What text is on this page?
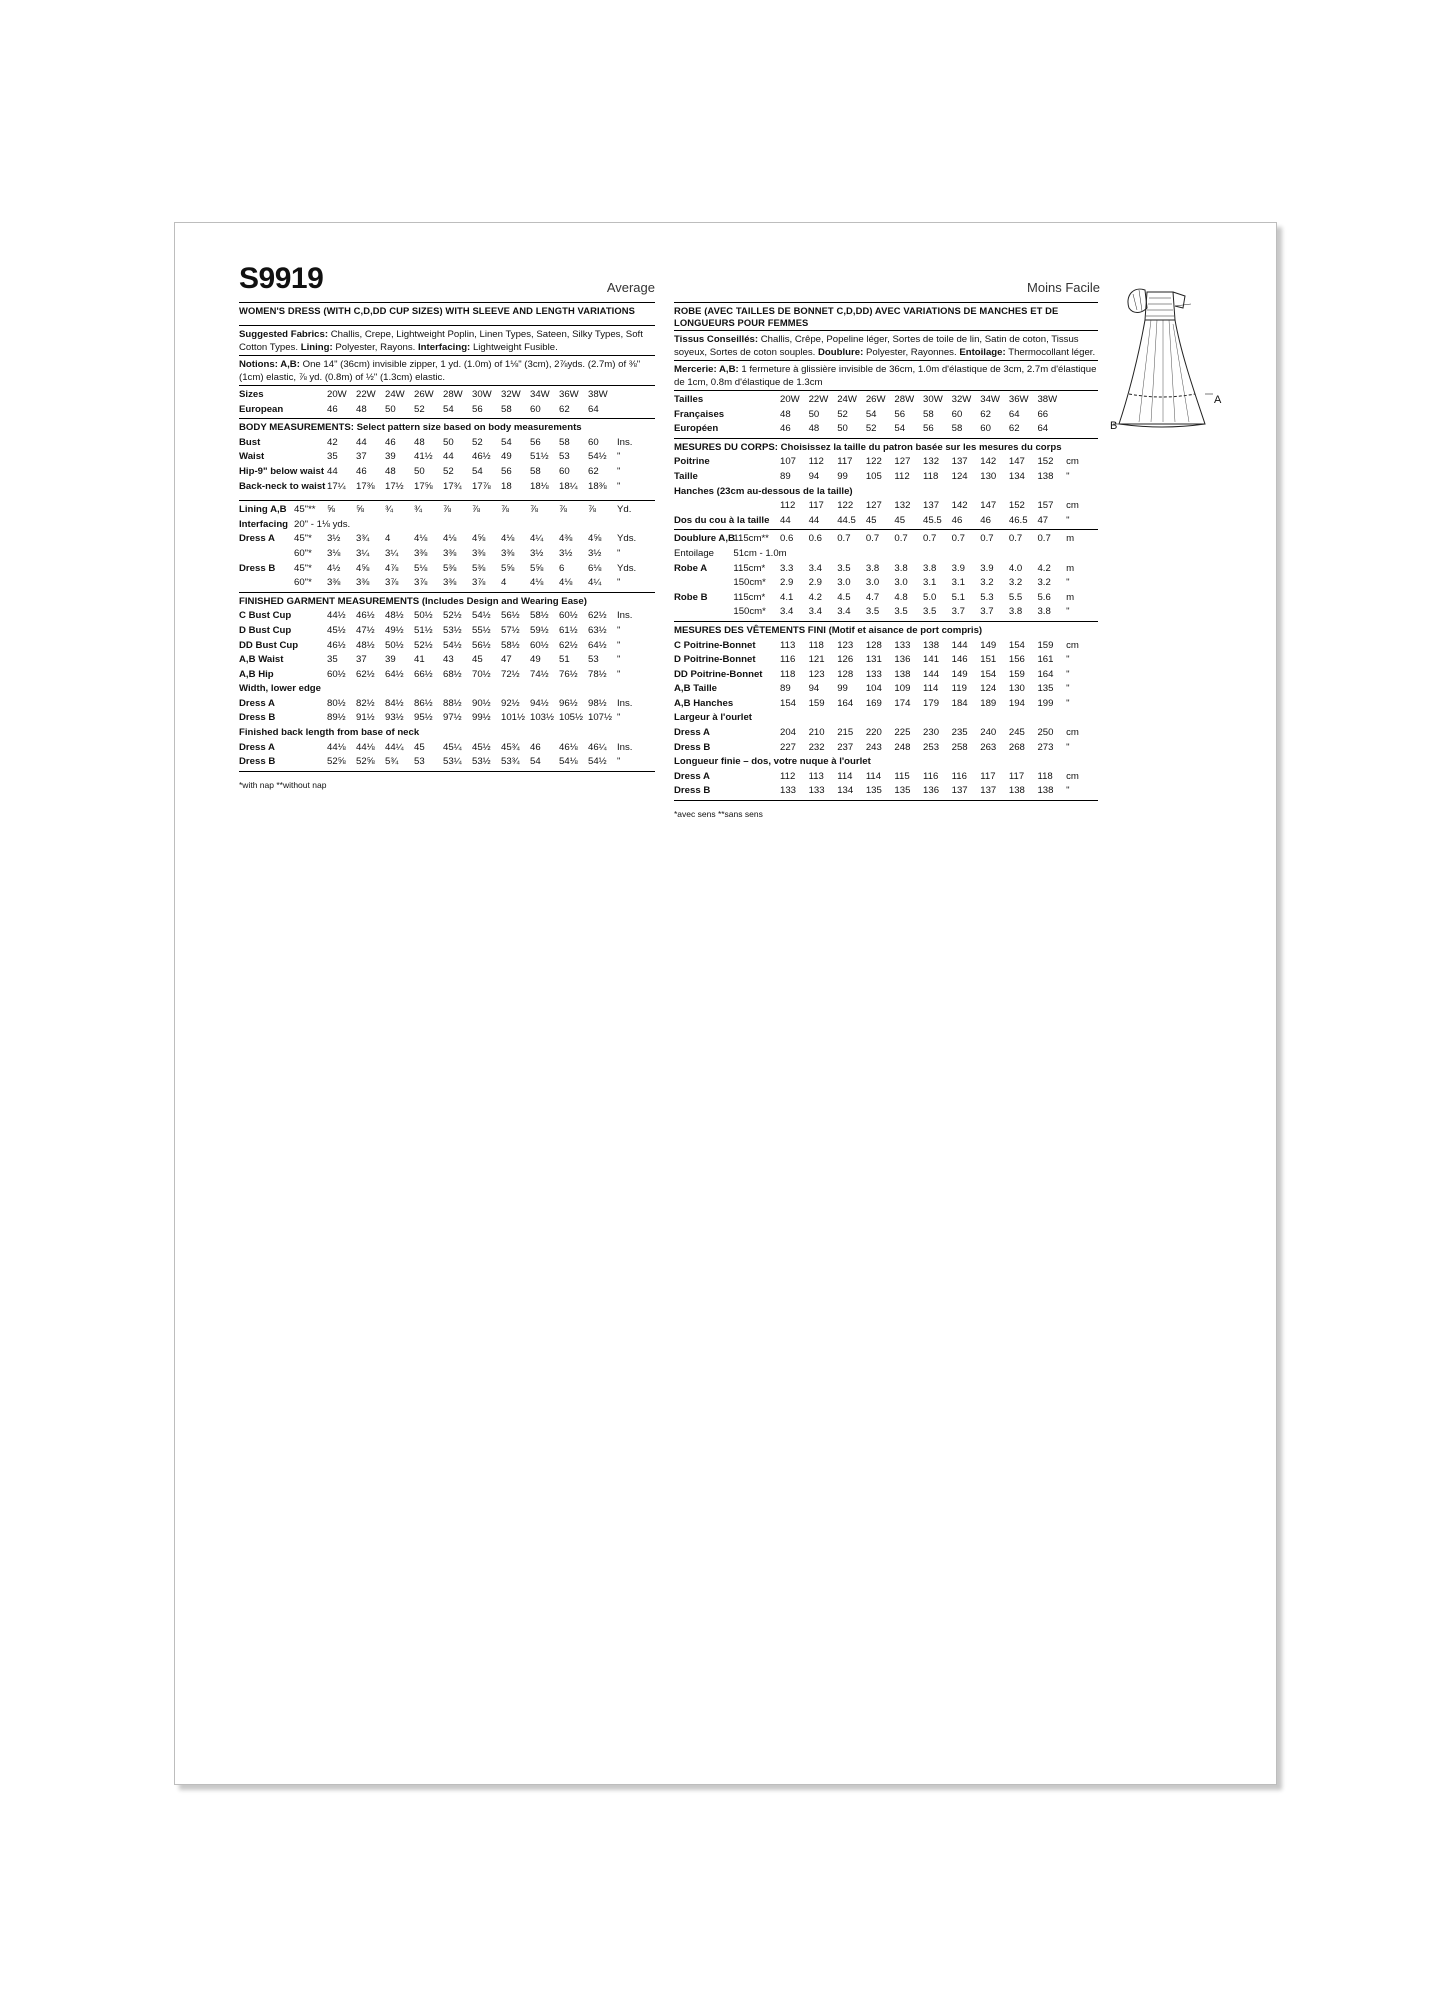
S9919	Average	Moins Facile
WOMEN'S DRESS (WITH C,D,DD CUP SIZES) WITH SLEEVE AND LENGTH VARIATIONS
Suggested Fabrics: Challis, Crepe, Lightweight Poplin, Linen Types, Sateen, Silky Types, Soft Cotton Types. Lining: Polyester, Rayons. Interfacing: Lightweight Fusible.
Notions: A,B: One 14" (36cm) invisible zipper, 1 yd. (1.0m) of 1⅛" (3cm), 2⅞yds. (2.7m) of ⅜" (1cm) elastic, ⅞ yd. (0.8m) of ½" (1.3cm) elastic.
Sizes	20W	22W	24W	26W	28W	30W	32W	34W	36W	38W	
European	46	48	50	52	54	56	58	60	62	64	
BODY MEASUREMENTS: Select pattern size based on body measurements
Bust	42	44	46	48	50	52	54	56	58	60	Ins.
Waist	35	37	39	41½	44	46½	49	51½	53	54½	"
Hip-9" below waist	44	46	48	50	52	54	56	58	60	62	"
Back-neck to waist	17¼	17⅜	17½	17⅝	17¾	17⅞	18	18⅛	18¼	18⅜	"
Lining A,B	45"**	⅝	⅝	¾	¾	⅞	⅞	⅞	⅞	⅞	⅞	Yd.
Interfacing	20" - 1⅛ yds.											
Dress A	45"*	3½	3¾	4	4⅛	4⅛	4⅝	4⅛	4¼	4⅜	4⅝	Yds.
	60"*	3⅛	3¼	3¼	3⅜	3⅜	3⅜	3⅜	3½	3½	3½	"
Dress B	45"*	4½	4⅝	4⅞	5⅛	5⅜	5⅜	5⅝	5⅝	6	6⅛	Yds.
	60"*	3⅜	3⅜	3⅞	3⅞	3⅜	3⅞	4	4⅛	4⅛	4¼	"
FINISHED GARMENT MEASUREMENTS (Includes Design and Wearing Ease)
C Bust Cup	44½	46½	48½	50½	52½	54½	56½	58½	60½	62½	Ins.
D Bust Cup	45½	47½	49½	51½	53½	55½	57½	59½	61½	63½	"
DD Bust Cup	46½	48½	50½	52½	54½	56½	58½	60½	62½	64½	"
A,B Waist	35	37	39	41	43	45	47	49	51	53	"
A,B Hip	60½	62½	64½	66½	68½	70½	72½	74½	76½	78½	"
Width, lower edge
Dress A	80½	82½	84½	86½	88½	90½	92½	94½	96½	98½	Ins.
Dress B	89½	91½	93½	95½	97½	99½	101½	103½	105½	107½	"
Finished back length from base of neck
Dress A	44⅛	44⅛	44¼	45	45¼	45½	45¾	46	46⅛	46¼	Ins.
Dress B	52⅝	52⅝	5¾	53	53¼	53½	53¾	54	54⅛	54½	"
*with nap **without nap
ROBE (AVEC TAILLES DE BONNET C,D,DD) AVEC VARIATIONS DE MANCHES ET DE LONGUEURS POUR FEMMES
Tissus Conseillés: Challis, Crêpe, Popeline léger, Sortes de toile de lin, Satin de coton, Tissus soyeux, Sortes de coton souples. Doublure: Polyester, Rayonnes. Entoilage: Thermocollant léger.
Mercerie: A,B: 1 fermeture à glissière invisible de 36cm, 1.0m d'élastique de 3cm, 2.7m d'élastique de 1cm, 0.8m d'élastique de 1.3cm
Tailles	20W	22W	24W	26W	28W	30W	32W	34W	36W	38W	
Françaises	48	50	52	54	56	58	60	62	64	66	
Européen	46	48	50	52	54	56	58	60	62	64	
MESURES DU CORPS: Choisissez la taille du patron basée sur les mesures du corps
Poitrine	107	112	117	122	127	132	137	142	147	152	cm
Taille	89	94	99	105	112	118	124	130	134	138	"
Hanches (23cm au-dessous de la taille)
	112	117	122	127	132	137	142	147	152	157	cm
Dos du cou à la taille	44	44	44.5	45	45	45.5	46	46	46.5	47	"
Doublure A,B	115cm**	0.6	0.6	0.7	0.7	0.7	0.7	0.7	0.7	0.7	0.7	m
Entoilage	51cm - 1.0m											
Robe A	115cm*	3.3	3.4	3.5	3.8	3.8	3.8	3.9	3.9	4.0	4.2	m
	150cm*	2.9	2.9	3.0	3.0	3.0	3.1	3.1	3.2	3.2	3.2	"
Robe B	115cm*	4.1	4.2	4.5	4.7	4.8	5.0	5.1	5.3	5.5	5.6	m
	150cm*	3.4	3.4	3.4	3.5	3.5	3.5	3.7	3.7	3.8	3.8	"
MESURES DES VÊTEMENTS FINI (Motif et aisance de port compris)
C Poitrine-Bonnet	113	118	123	128	133	138	144	149	154	159	cm
D Poitrine-Bonnet	116	121	126	131	136	141	146	151	156	161	"
DD Poitrine-Bonnet	118	123	128	133	138	144	149	154	159	164	"
A,B Taille	89	94	99	104	109	114	119	124	130	135	"
A,B Hanches	154	159	164	169	174	179	184	189	194	199	"
Largeur à l'ourlet
Dress A	204	210	215	220	225	230	235	240	245	250	cm
Dress B	227	232	237	243	248	253	258	263	268	273	"
Longueur finie – dos, votre nuque à l'ourlet
Dress A	112	113	114	114	115	116	116	117	117	118	cm
Dress B	133	133	134	135	135	136	137	137	138	138	"
*avec sens **sans sens
A
B
